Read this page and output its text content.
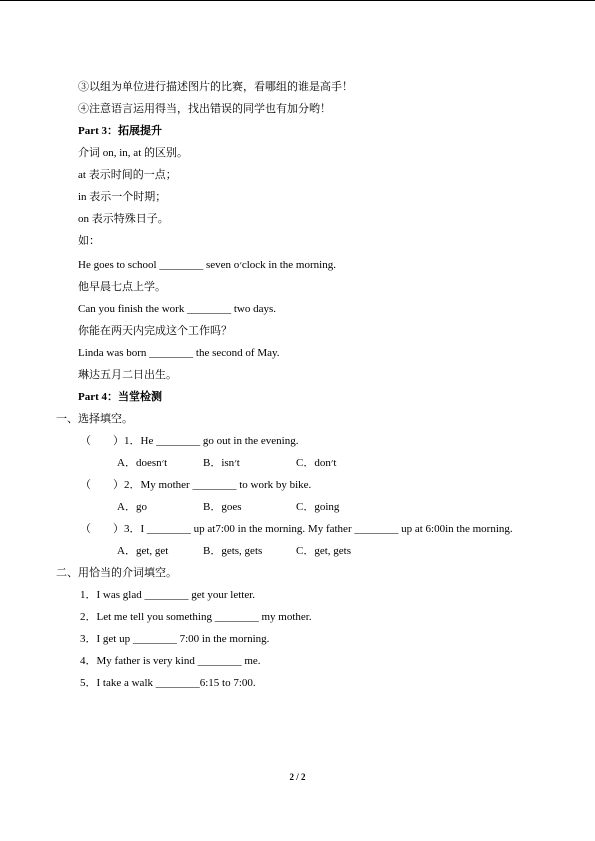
③以组为单位进行描述图片的比赛，看哪组的谁是高手！
④注意语言运用得当，找出错误的同学也有加分哟！
Part 3：拓展提升
介词 on, in, at 的区别。
at 表示时间的一点；
in 表示一个时期；
on 表示特殊日子。
如：
He goes to school ________ seven o׳clock in the morning.
他早晨七点上学。
Can you finish the work ________ two days.
你能在两天内完成这个工作吗？
Linda was born ________ the second of May.
琳达五月二日出生。
Part 4：当堂检测
一、选择填空。
（　　）1．He ________ go out in the evening.
A．doesn׳t	B．isn׳t	C．don׳t
（　　）2．My mother ________ to work by bike.
A．go	B．goes	C．going
（　　）3．I ________ up at7:00 in the morning. My father ________ up at 6:00in the morning.
A．get, get	B．gets, gets	C．get, gets
二、用恰当的介词填空。
1．I was glad ________ get your letter.
2．Let me tell you something ________ my mother.
3．I get up ________ 7:00 in the morning.
4．My father is very kind ________ me.
5．I take a walk ________6:15 to 7:00.
2 / 2
